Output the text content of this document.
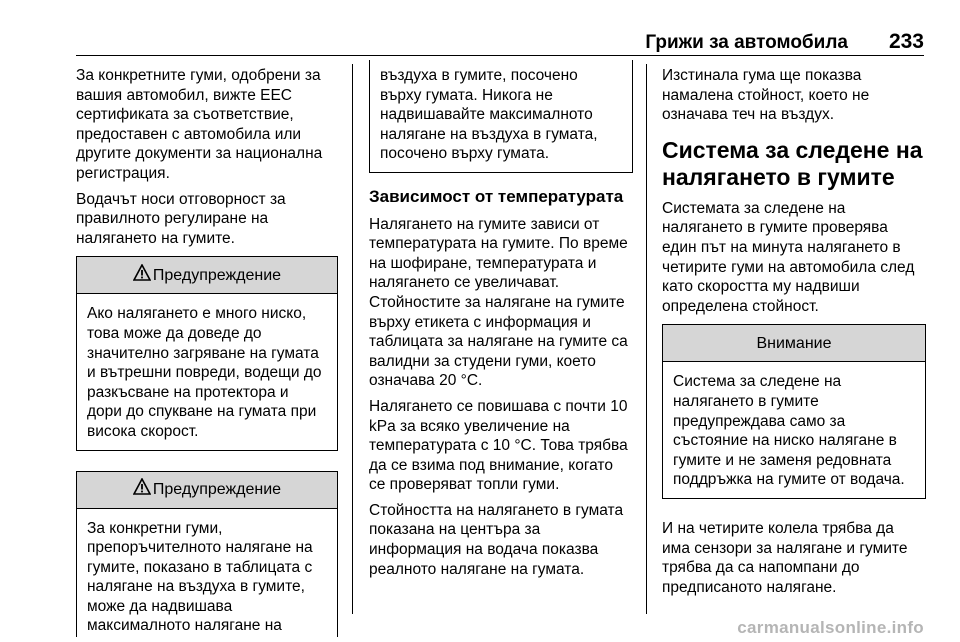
Грижи за автомобила 233

За конкретните гуми, одобрени за вашия автомобил, вижте ЕЕС сертификата за съответствие, предоставен с автомобила или другите документи за национална регистрация.

Водачът носи отговорност за правилното регулиране на налягането на гумите.

Предупреждение

Ако налягането е много ниско, това може да доведе до значително загряване на гумата и вътрешни повреди, водещи до разкъсване на протектора и дори до спукване на гумата при висока скорост.

Предупреждение

За конкретни гуми, препоръчителното налягане на гумите, показано в таблицата с налягане на въздуха в гумите, може да надвишава максималното налягане на

въздуха в гумите, посочено върху гумата. Никога не надвишавайте максималното налягане на въздуха в гумата, посочено върху гумата.

Зависимост от температурата

Налягането на гумите зависи от температурата на гумите. По време на шофиране, температурата и налягането се увеличават. Стойностите за налягане на гумите върху етикета с информация и таблицата за налягане на гумите са валидни за студени гуми, което означава 20 °C.

Налягането се повишава с почти 10 kPa за всяко увеличение на температурата с 10 °C. Това трябва да се взима под внимание, когато се проверяват топли гуми.

Стойността на налягането в гумата показана на центъра за информация на водача показва реалното налягане на гумата.

Изстинала гума ще показва намалена стойност, което не означава теч на въздух.

Система за следене на налягането в гумите

Системата за следене на налягането в гумите проверява един път на минута налягането в четирите гуми на автомобила след като скоростта му надвиши определена стойност.

Внимание

Система за следене на налягането в гумите предупреждава само за състояние на ниско налягане в гумите и не заменя редовната поддръжка на гумите от водача.

И на четирите колела трябва да има сензори за налягане и гумите трябва да са напомпани до предписаното налягане.

carmanualsonline.info
